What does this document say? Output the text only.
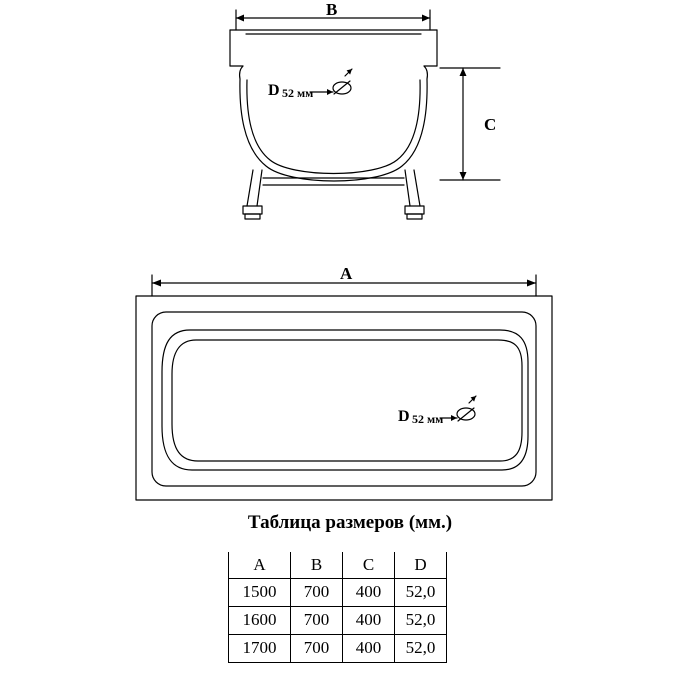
B
C
A
D 52 мм
D 52 мм
Таблица размеров (мм.)
A	B	C	D
1500	700	400	52,0
1600	700	400	52,0
1700	700	400	52,0
